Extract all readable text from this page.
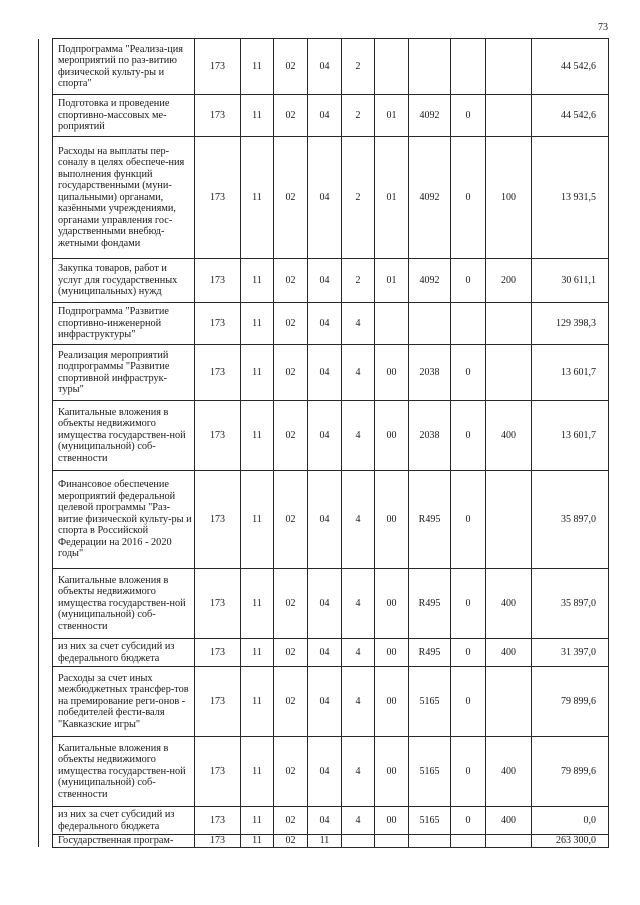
73
	Подпрограмма "Реализа-ция мероприятий по раз-витию физической культу-ры и спорта"	173	11	02	04	2					44 542,6
	Подготовка и проведение спортивно-массовых ме-роприятий	173	11	02	04	2	01	4092	0		44 542,6
	Расходы на выплаты пер-соналу в целях обеспече-ния выполнения функций государственными (муни-ципальными) органами, казёнными учреждениями, органами управления гос-ударственными внебюд-жетными фондами	173	11	02	04	2	01	4092	0	100	13 931,5
	Закупка товаров, работ и услуг для государственных (муниципальных) нужд	173	11	02	04	2	01	4092	0	200	30 611,1
	Подпрограмма "Развитие спортивно-инженерной инфраструктуры"	173	11	02	04	4					129 398,3
	Реализация мероприятий подпрограммы "Развитие спортивной инфраструк-туры"	173	11	02	04	4	00	2038	0		13 601,7
	Капитальные вложения в объекты недвижимого имущества государствен-ной (муниципальной) соб-ственности	173	11	02	04	4	00	2038	0	400	13 601,7
	Финансовое обеспечение мероприятий федеральной целевой программы "Раз-витие физической культу-ры и спорта в Российской Федерации на 2016 - 2020 годы"	173	11	02	04	4	00	R495	0		35 897,0
	Капитальные вложения в объекты недвижимого имущества государствен-ной (муниципальной) соб-ственности	173	11	02	04	4	00	R495	0	400	35 897,0
	из них за счет субсидий из федерального бюджета	173	11	02	04	4	00	R495	0	400	31 397,0
	Расходы за счет иных межбюджетных трансфер-тов на премирование реги-онов - победителей фести-валя "Кавказские игры"	173	11	02	04	4	00	5165	0		79 899,6
	Капитальные вложения в объекты недвижимого имущества государствен-ной (муниципальной) соб-ственности	173	11	02	04	4	00	5165	0	400	79 899,6
	из них за счет субсидий из федерального бюджета	173	11	02	04	4	00	5165	0	400	0,0
	Государственная програм-	173	11	02	11						263 300,0
